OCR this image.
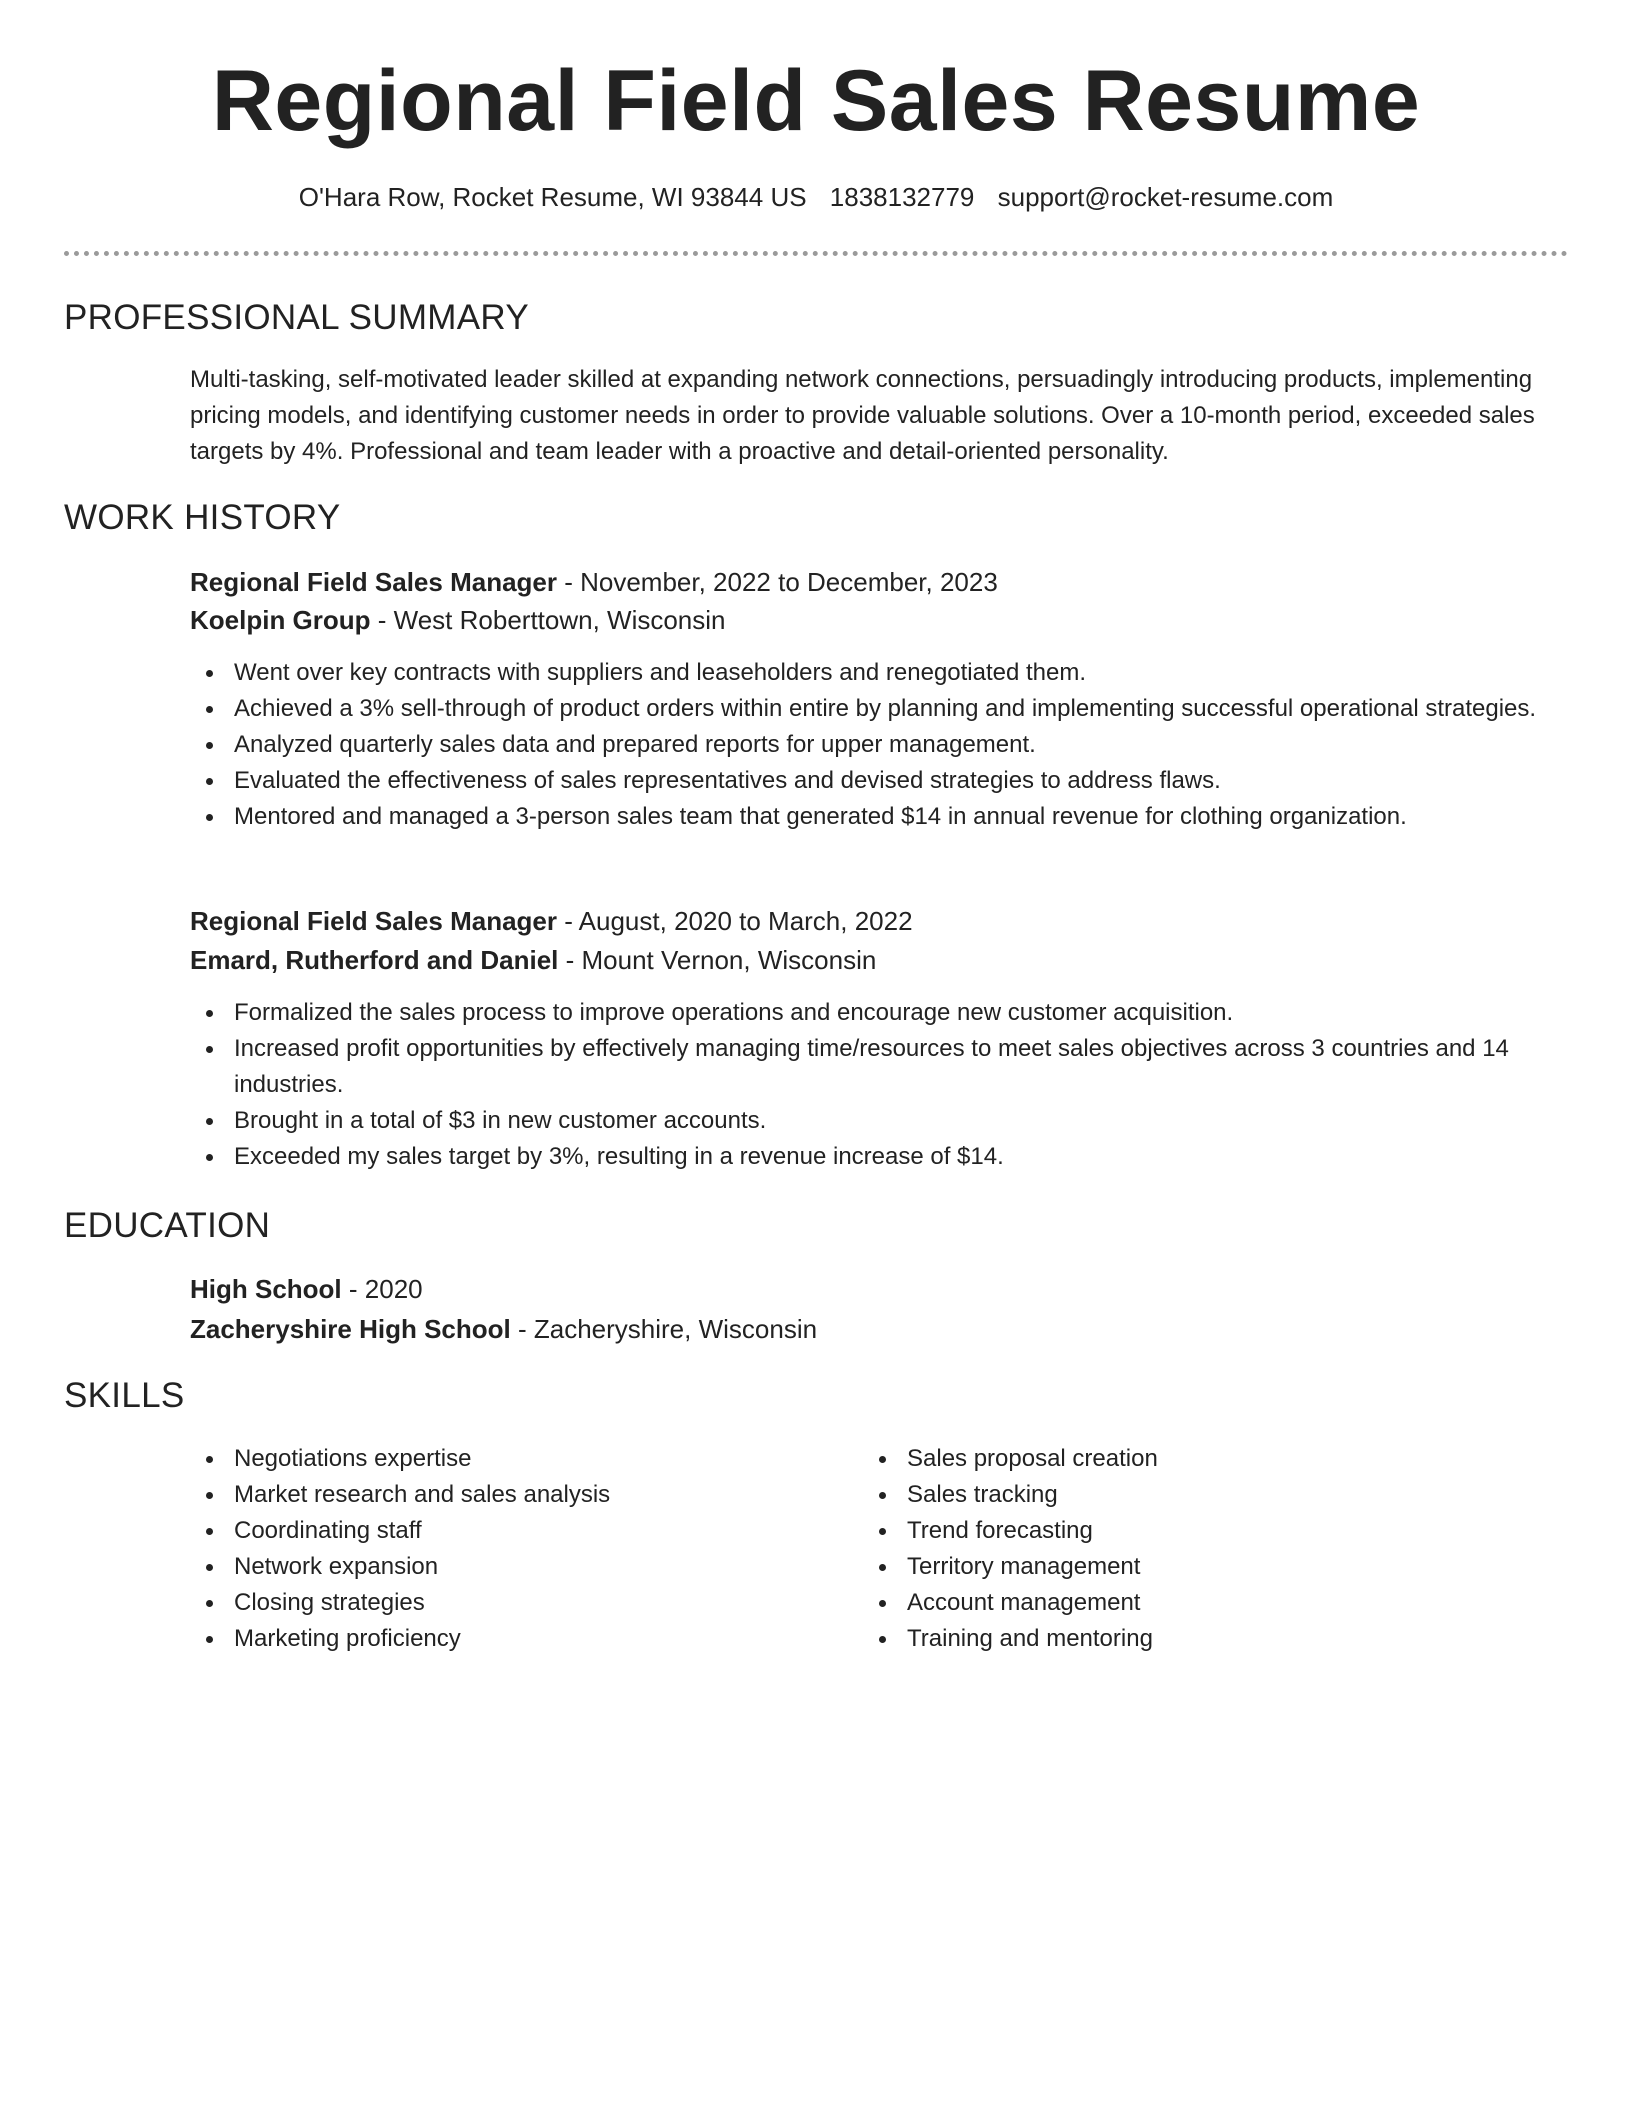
Regional Field Sales Resume
O'Hara Row, Rocket Resume, WI 93844 US 1838132779 support@rocket-resume.com
PROFESSIONAL SUMMARY
Multi-tasking, self-motivated leader skilled at expanding network connections, persuadingly introducing products, implementing pricing models, and identifying customer needs in order to provide valuable solutions. Over a 10-month period, exceeded sales targets by 4%. Professional and team leader with a proactive and detail-oriented personality.
WORK HISTORY
Regional Field Sales Manager - November, 2022 to December, 2023
Koelpin Group - West Roberttown, Wisconsin
Went over key contracts with suppliers and leaseholders and renegotiated them.
Achieved a 3% sell-through of product orders within entire by planning and implementing successful operational strategies.
Analyzed quarterly sales data and prepared reports for upper management.
Evaluated the effectiveness of sales representatives and devised strategies to address flaws.
Mentored and managed a 3-person sales team that generated $14 in annual revenue for clothing organization.
Regional Field Sales Manager - August, 2020 to March, 2022
Emard, Rutherford and Daniel - Mount Vernon, Wisconsin
Formalized the sales process to improve operations and encourage new customer acquisition.
Increased profit opportunities by effectively managing time/resources to meet sales objectives across 3 countries and 14 industries.
Brought in a total of $3 in new customer accounts.
Exceeded my sales target by 3%, resulting in a revenue increase of $14.
EDUCATION
High School - 2020
Zacheryshire High School - Zacheryshire, Wisconsin
SKILLS
Negotiations expertise
Market research and sales analysis
Coordinating staff
Network expansion
Closing strategies
Marketing proficiency
Sales proposal creation
Sales tracking
Trend forecasting
Territory management
Account management
Training and mentoring
